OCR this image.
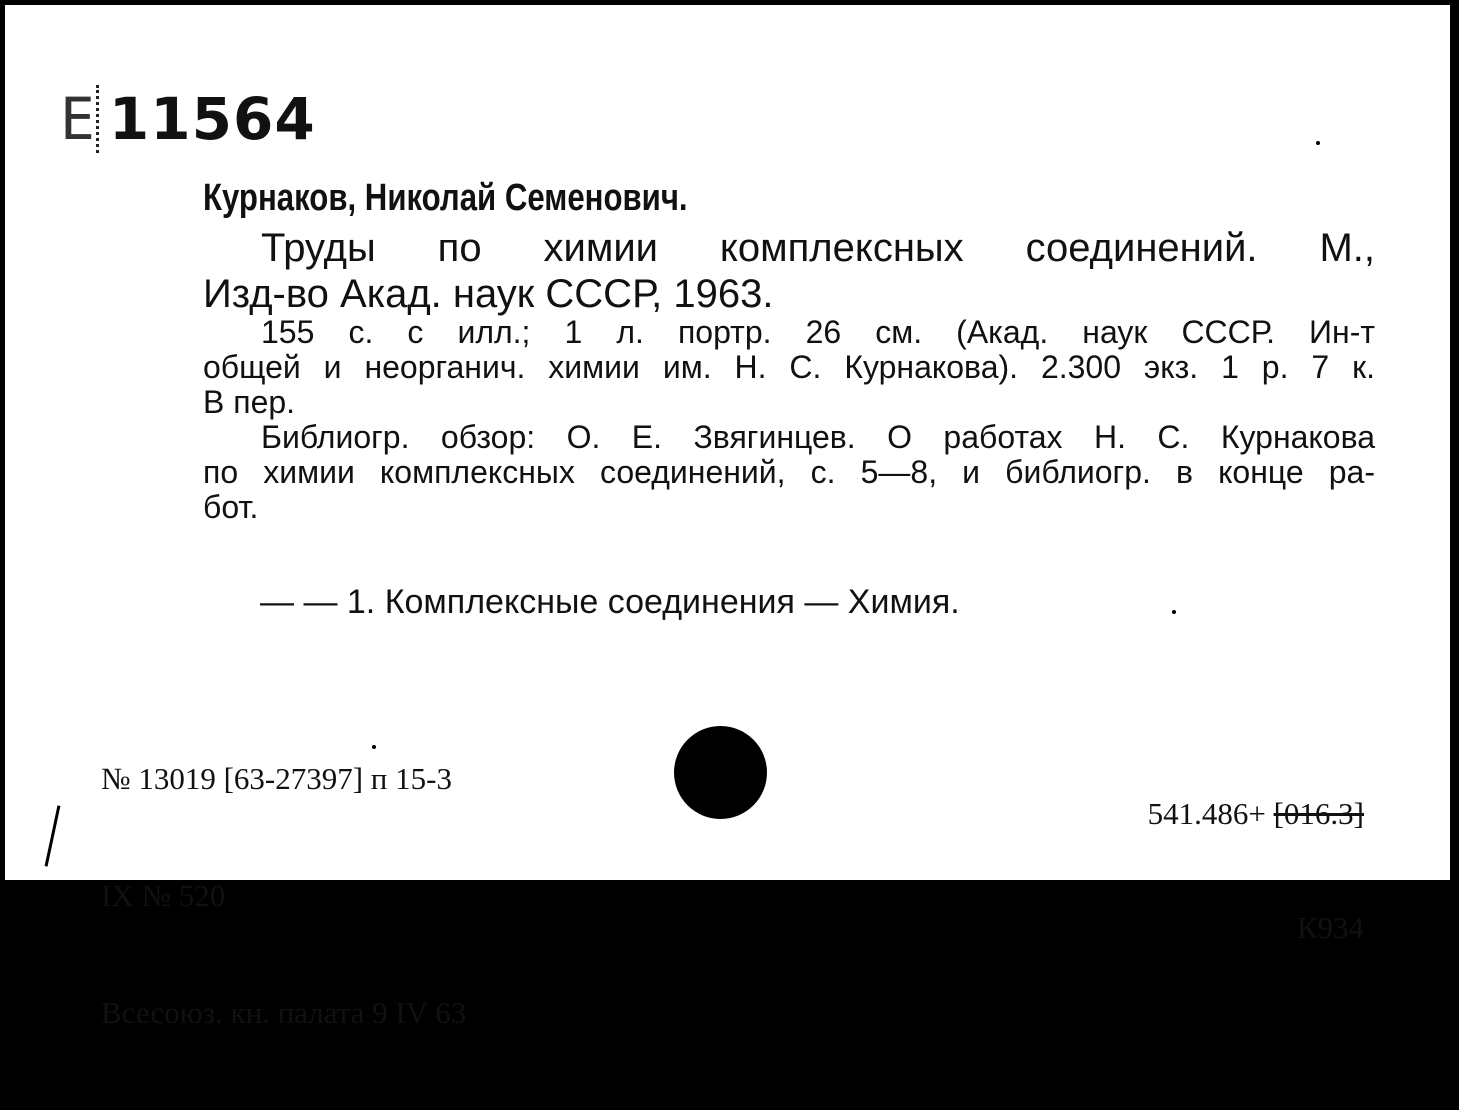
Е 11564
Курнаков, Николай Семенович.
Труды по химии комплексных соединений. М.,
Изд-во Акад. наук СССР, 1963.

155 с. с илл.; 1 л. портр. 26 см. (Акад. наук СССР. Ин-т
общей и неорганич. химии им. Н. С. Курнакова). 2.300 экз. 1 р. 7 к.
В пер.

Библиогр. обзор: О. Е. Звягинцев. О работах Н. С. Курнакова
по химии комплексных соединений, с. 5—8, и библиогр. в конце ра-
бот.

— — 1. Комплексные соединения — Химия.

№ 13019 [63-27397] п 15-3

IX № 520

Всесоюз. кн. палата 9 IV 63

541.486+ [016.3]

К934
